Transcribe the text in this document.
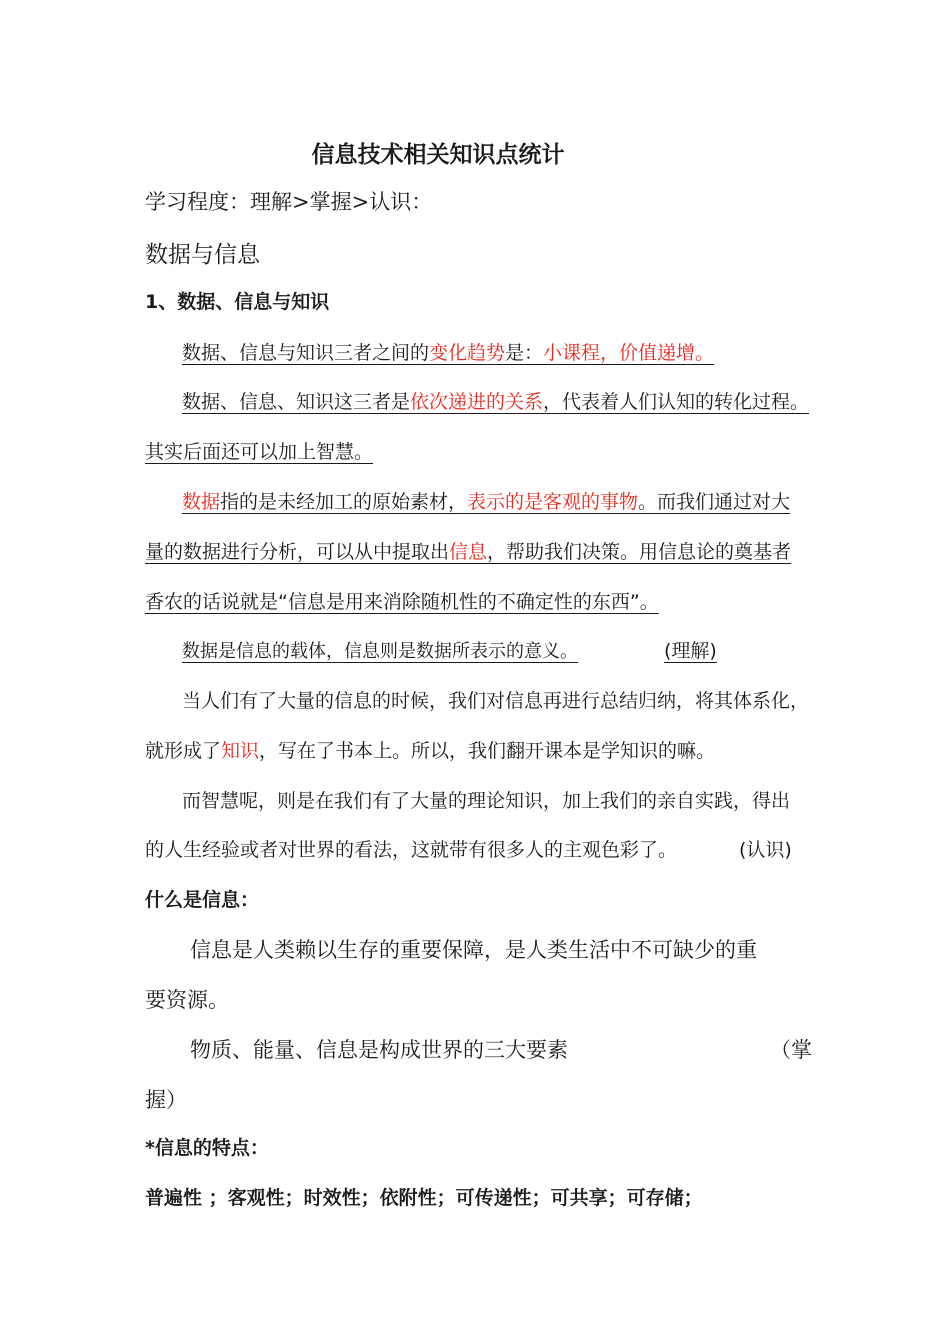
信息技术相关知识点统计
学习程度：理解>掌握>认识：
数据与信息
1、数据、信息与知识
数据、信息与知识三者之间的变化趋势是：小课程，价值递增。
数据、信息、知识这三者是依次递进的关系，代表着人们认知的转化过程。
其实后面还可以加上智慧。
数据指的是未经加工的原始素材，表示的是客观的事物。而我们通过对大
量的数据进行分析，可以从中提取出信息，帮助我们决策。用信息论的奠基者
香农的话说就是“信息是用来消除随机性的不确定性的东西”。
数据是信息的载体，信息则是数据所表示的意义。	(理解)
当人们有了大量的信息的时候，我们对信息再进行总结归纳，将其体系化，
就形成了知识，写在了书本上。所以，我们翻开课本是学知识的嘛。
而智慧呢，则是在我们有了大量的理论知识，加上我们的亲自实践，得出
的人生经验或者对世界的看法，这就带有很多人的主观色彩了。	(认识)
什么是信息：
信息是人类赖以生存的重要保障，是人类生活中不可缺少的重
要资源。
物质、能量、信息是构成世界的三大要素	（掌
握）
*信息的特点：
普遍性 ；客观性；时效性；依附性；可传递性；可共享；可存储；
